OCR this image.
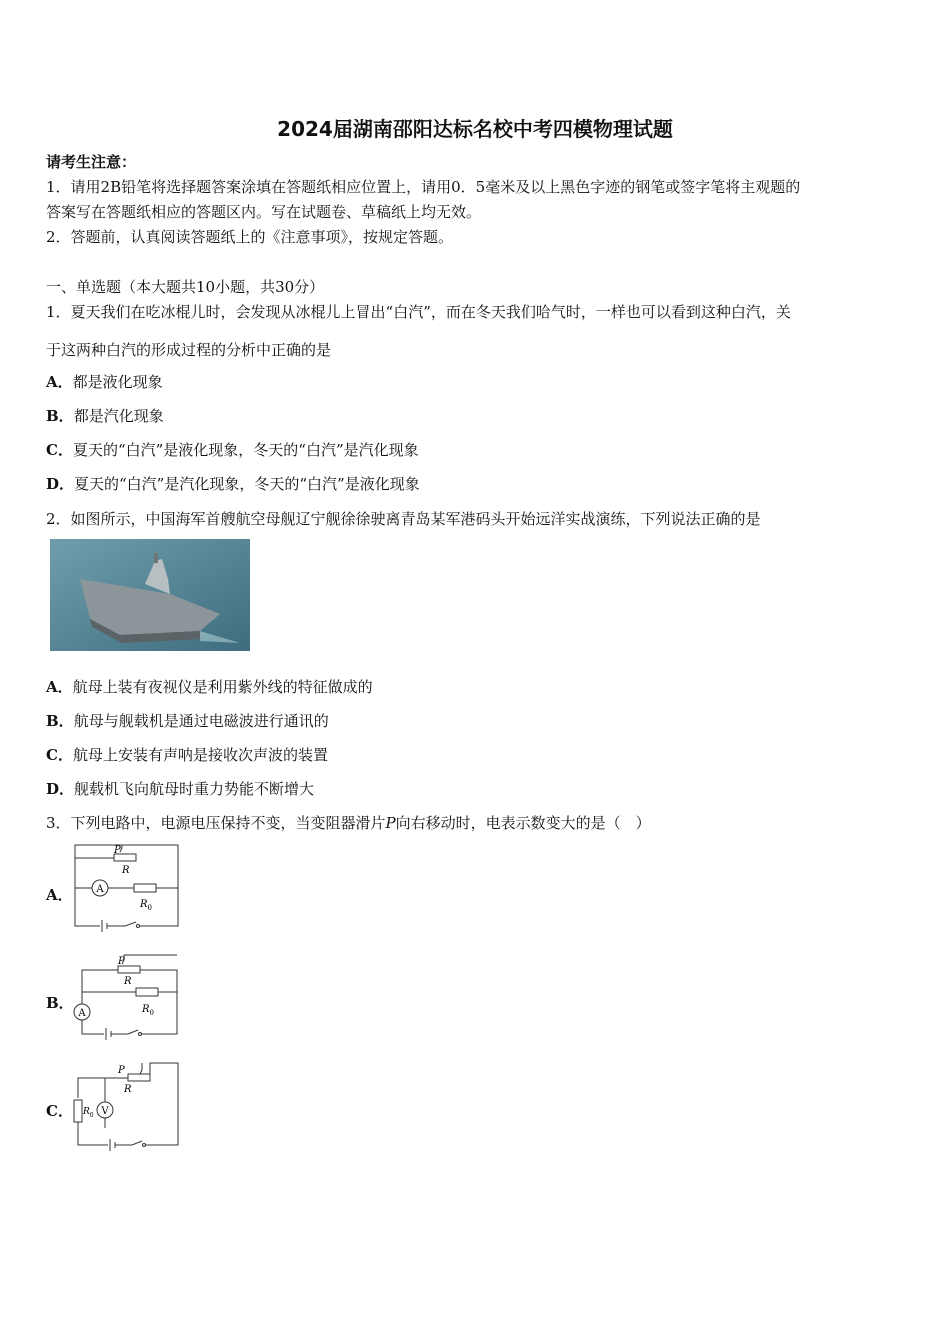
2024届湖南邵阳达标名校中考四模物理试题
请考生注意：
1．请用2B铅笔将选择题答案涂填在答题纸相应位置上，请用0．5毫米及以上黑色字迹的钢笔或签字笔将主观题的
答案写在答题纸相应的答题区内。写在试题卷、草稿纸上均无效。
2．答题前，认真阅读答题纸上的《注意事项》，按规定答题。
一、单选题（本大题共10小题，共30分）
1．夏天我们在吃冰棍儿时，会发现从冰棍儿上冒出“白汽”，而在冬天我们哈气时，一样也可以看到这种白汽，关
于这两种白汽的形成过程的分析中正确的是
A．都是液化现象
B．都是汽化现象
C．夏天的“白汽”是液化现象，冬天的“白汽”是汽化现象
D．夏天的“白汽”是汽化现象，冬天的“白汽”是液化现象
2．如图所示，中国海军首艘航空母舰辽宁舰徐徐驶离青岛某军港码头开始远洋实战演练，下列说法正确的是
A．航母上装有夜视仪是利用紫外线的特征做成的
B．航母与舰载机是通过电磁波进行通讯的
C．航母上安装有声呐是接收次声波的装置
D．舰载机飞向航母时重力势能不断增大
3．下列电路中，电源电压保持不变，当变阻器滑片P向右移动时，电表示数变大的是（　）
A． A
P
R
$R_0$
B．
A
P
R
$R_0$
C．	V
P
R
$R_0$
